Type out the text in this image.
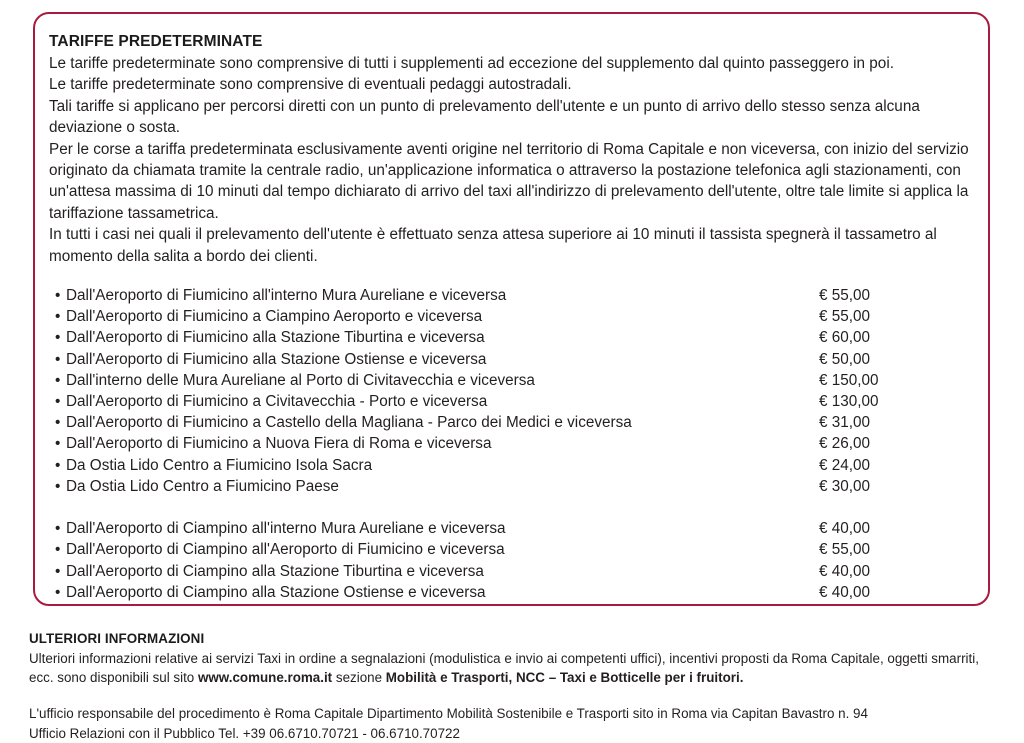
TARIFFE PREDETERMINATE

Le tariffe predeterminate sono comprensive di tutti i supplementi ad eccezione del supplemento dal quinto passeggero in poi.

Le tariffe predeterminate sono comprensive di eventuali pedaggi autostradali.

Tali tariffe si applicano per percorsi diretti con un punto di prelevamento dell'utente e un punto di arrivo dello stesso senza alcuna deviazione o sosta.

Per le corse a tariffa predeterminata esclusivamente aventi origine nel territorio di Roma Capitale e non viceversa, con inizio del servizio originato da chiamata tramite la centrale radio, un'applicazione informatica o attraverso la postazione telefonica agli stazionamenti, con un'attesa massima di 10 minuti dal tempo dichiarato di arrivo del taxi all'indirizzo di prelevamento dell'utente, oltre tale limite si applica la tariffazione tassametrica.

In tutti i casi nei quali il prelevamento dell'utente è effettuato senza attesa superiore ai 10 minuti il tassista spegnerà il tassametro al momento della salita a bordo dei clienti.

• Dall'Aeroporto di Fiumicino all'interno Mura Aureliane e viceversa	€ 55,00
• Dall'Aeroporto di Fiumicino a Ciampino Aeroporto e viceversa	€ 55,00
• Dall'Aeroporto di Fiumicino alla Stazione Tiburtina e viceversa	€ 60,00
• Dall'Aeroporto di Fiumicino alla Stazione Ostiense e viceversa	€ 50,00
• Dall'interno delle Mura Aureliane al Porto di Civitavecchia e viceversa	€ 150,00
• Dall'Aeroporto di Fiumicino a Civitavecchia - Porto e viceversa	€ 130,00
• Dall'Aeroporto di Fiumicino a Castello della Magliana - Parco dei Medici e viceversa	€ 31,00
• Dall'Aeroporto di Fiumicino a Nuova Fiera di Roma e viceversa	€ 26,00
• Da Ostia Lido Centro a Fiumicino Isola Sacra	€ 24,00
• Da Ostia Lido Centro a Fiumicino Paese	€ 30,00
• Dall'Aeroporto di Ciampino all'interno Mura Aureliane e viceversa	€ 40,00
• Dall'Aeroporto di Ciampino all'Aeroporto di Fiumicino e viceversa	€ 55,00
• Dall'Aeroporto di Ciampino alla Stazione Tiburtina e viceversa	€ 40,00
• Dall'Aeroporto di Ciampino alla Stazione Ostiense e viceversa	€ 40,00
ULTERIORI INFORMAZIONI

Ulteriori informazioni relative ai servizi Taxi in ordine a segnalazioni (modulistica e invio ai competenti uffici), incentivi proposti da Roma Capitale, oggetti smarriti, ecc. sono disponibili sul sito www.comune.roma.it sezione Mobilità e Trasporti, NCC – Taxi e Botticelle per i fruitori.

L'ufficio responsabile del procedimento è Roma Capitale Dipartimento Mobilità Sostenibile e Trasporti sito in Roma via Capitan Bavastro n. 94

Ufficio Relazioni con il Pubblico Tel. +39 06.6710.70721 - 06.6710.70722
